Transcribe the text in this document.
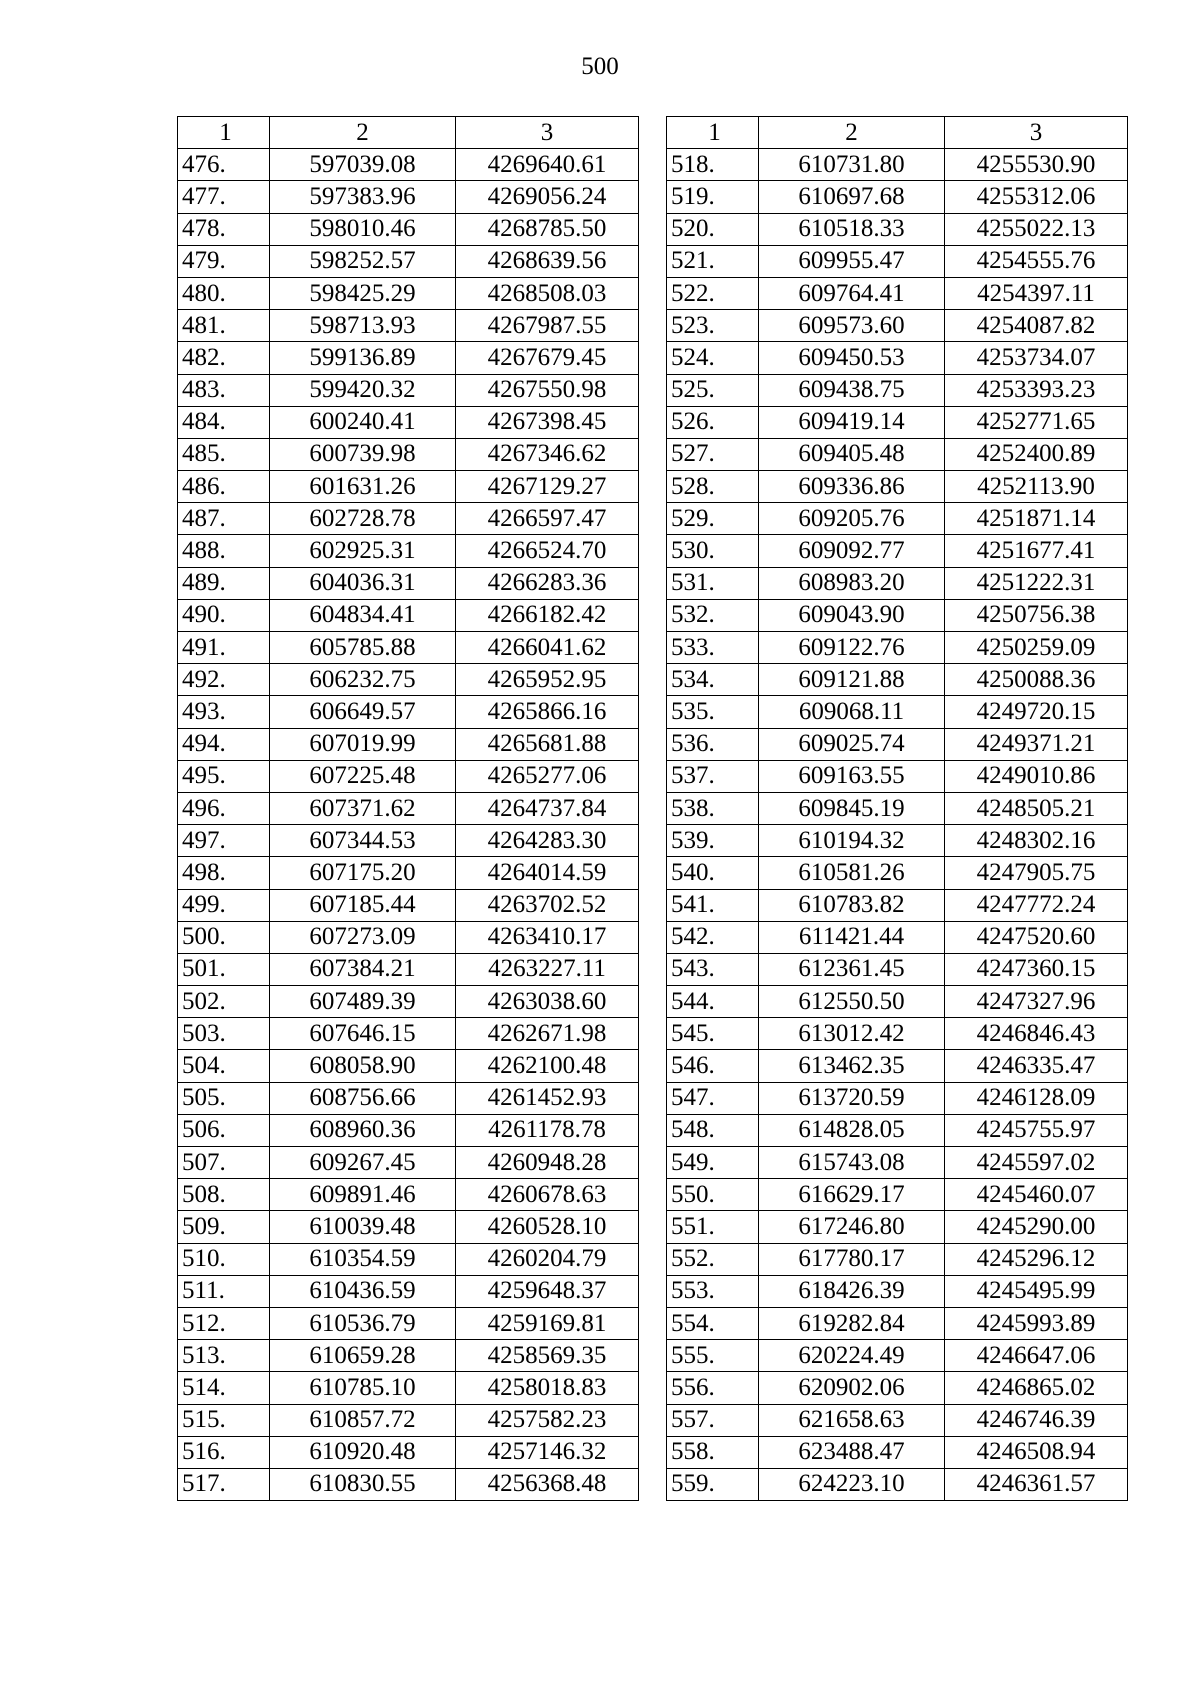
500
1	2	3
476.	597039.08	4269640.61
477.	597383.96	4269056.24
478.	598010.46	4268785.50
479.	598252.57	4268639.56
480.	598425.29	4268508.03
481.	598713.93	4267987.55
482.	599136.89	4267679.45
483.	599420.32	4267550.98
484.	600240.41	4267398.45
485.	600739.98	4267346.62
486.	601631.26	4267129.27
487.	602728.78	4266597.47
488.	602925.31	4266524.70
489.	604036.31	4266283.36
490.	604834.41	4266182.42
491.	605785.88	4266041.62
492.	606232.75	4265952.95
493.	606649.57	4265866.16
494.	607019.99	4265681.88
495.	607225.48	4265277.06
496.	607371.62	4264737.84
497.	607344.53	4264283.30
498.	607175.20	4264014.59
499.	607185.44	4263702.52
500.	607273.09	4263410.17
501.	607384.21	4263227.11
502.	607489.39	4263038.60
503.	607646.15	4262671.98
504.	608058.90	4262100.48
505.	608756.66	4261452.93
506.	608960.36	4261178.78
507.	609267.45	4260948.28
508.	609891.46	4260678.63
509.	610039.48	4260528.10
510.	610354.59	4260204.79
511.	610436.59	4259648.37
512.	610536.79	4259169.81
513.	610659.28	4258569.35
514.	610785.10	4258018.83
515.	610857.72	4257582.23
516.	610920.48	4257146.32
517.	610830.55	4256368.48
1	2	3
518.	610731.80	4255530.90
519.	610697.68	4255312.06
520.	610518.33	4255022.13
521.	609955.47	4254555.76
522.	609764.41	4254397.11
523.	609573.60	4254087.82
524.	609450.53	4253734.07
525.	609438.75	4253393.23
526.	609419.14	4252771.65
527.	609405.48	4252400.89
528.	609336.86	4252113.90
529.	609205.76	4251871.14
530.	609092.77	4251677.41
531.	608983.20	4251222.31
532.	609043.90	4250756.38
533.	609122.76	4250259.09
534.	609121.88	4250088.36
535.	609068.11	4249720.15
536.	609025.74	4249371.21
537.	609163.55	4249010.86
538.	609845.19	4248505.21
539.	610194.32	4248302.16
540.	610581.26	4247905.75
541.	610783.82	4247772.24
542.	611421.44	4247520.60
543.	612361.45	4247360.15
544.	612550.50	4247327.96
545.	613012.42	4246846.43
546.	613462.35	4246335.47
547.	613720.59	4246128.09
548.	614828.05	4245755.97
549.	615743.08	4245597.02
550.	616629.17	4245460.07
551.	617246.80	4245290.00
552.	617780.17	4245296.12
553.	618426.39	4245495.99
554.	619282.84	4245993.89
555.	620224.49	4246647.06
556.	620902.06	4246865.02
557.	621658.63	4246746.39
558.	623488.47	4246508.94
559.	624223.10	4246361.57
